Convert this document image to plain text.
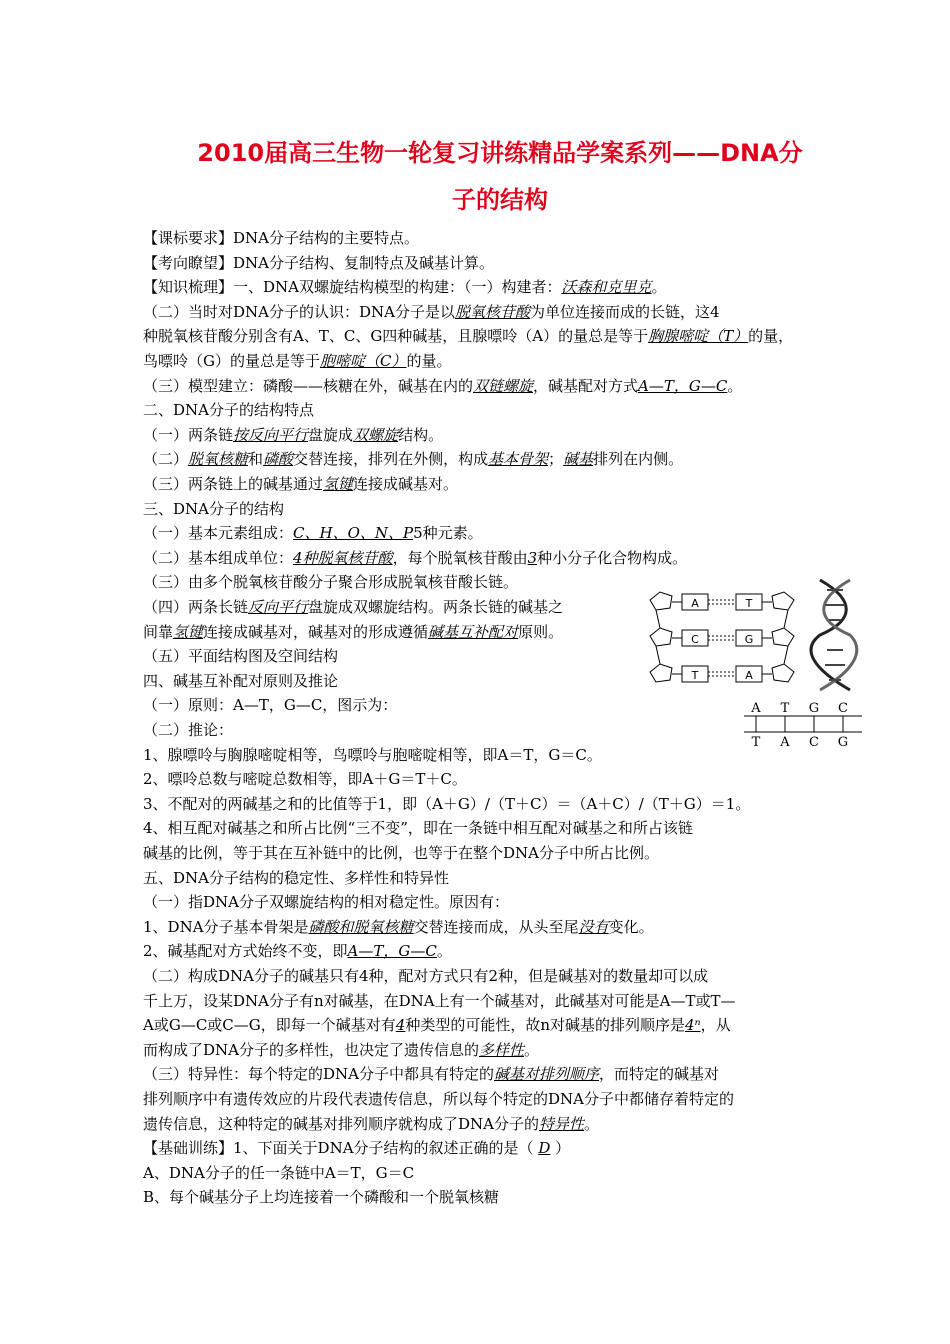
2010届高三生物一轮复习讲练精品学案系列——DNA分
子的结构
【课标要求】DNA分子结构的主要特点。
【考向瞭望】DNA分子结构、复制特点及碱基计算。
【知识梳理】一、DNA双螺旋结构模型的构建：（一）构建者：沃森和克里克。
（二）当时对DNA分子的认识：DNA分子是以脱氧核苷酸为单位连接而成的长链，这4
种脱氧核苷酸分别含有A、T、C、G四种碱基，且腺嘌呤（A）的量总是等于胸腺嘧啶（T）的量，
鸟嘌呤（G）的量总是等于胞嘧啶（C）的量。
（三）模型建立：磷酸——核糖在外，碱基在内的双链螺旋，碱基配对方式A—T，G—C。
二、DNA分子的结构特点
（一）两条链按反向平行盘旋成双螺旋结构。
（二）脱氧核糖和磷酸交替连接，排列在外侧，构成基本骨架；碱基排列在内侧。
（三）两条链上的碱基通过氢键连接成碱基对。
三、DNA分子的结构
（一）基本元素组成：C、H、O、N、P5种元素。
（二）基本组成单位：4种脱氧核苷酸，每个脱氧核苷酸由3种小分子化合物构成。
（三）由多个脱氧核苷酸分子聚合形成脱氧核苷酸长链。
（四）两条长链反向平行盘旋成双螺旋结构。两条长链的碱基之
间靠氢键连接成碱基对，碱基对的形成遵循碱基互补配对原则。
（五）平面结构图及空间结构
四、碱基互补配对原则及推论
（一）原则：A—T，G—C，图示为：
（二）推论：
1、腺嘌呤与胸腺嘧啶相等，鸟嘌呤与胞嘧啶相等，即A＝T，G＝C。
2、嘌呤总数与嘧啶总数相等，即A＋G＝T＋C。
3、不配对的两碱基之和的比值等于1，即（A＋G）/（T＋C）＝（A＋C）/（T＋G）＝1。
4、相互配对碱基之和所占比例“三不变”，即在一条链中相互配对碱基之和所占该链
碱基的比例，等于其在互补链中的比例，也等于在整个DNA分子中所占比例。
五、DNA分子结构的稳定性、多样性和特异性
（一）指DNA分子双螺旋结构的相对稳定性。原因有：
1、DNA分子基本骨架是磷酸和脱氧核糖交替连接而成，从头至尾没有变化。
2、碱基配对方式始终不变，即A—T，G—C。
（二）构成DNA分子的碱基只有4种，配对方式只有2种，但是碱基对的数量却可以成
千上万，设某DNA分子有n对碱基，在DNA上有一个碱基对，此碱基对可能是A—T或T—
A或G—C或C—G，即每一个碱基对有4种类型的可能性，故n对碱基的排列顺序是4ⁿ，从
而构成了DNA分子的多样性，也决定了遗传信息的多样性。
（三）特异性：每个特定的DNA分子中都具有特定的碱基对排列顺序，而特定的碱基对
排列顺序中有遗传效应的片段代表遗传信息，所以每个特定的DNA分子中都储存着特定的
遗传信息，这种特定的碱基对排列顺序就构成了DNA分子的特异性。
【基础训练】1、下面关于DNA分子结构的叙述正确的是（ D ）
A、DNA分子的任一条链中A＝T，G＝C
B、每个碱基分子上均连接着一个磷酸和一个脱氧核糖
A	T
C	G
T	A
A
T
T
A
G
C
C
G
